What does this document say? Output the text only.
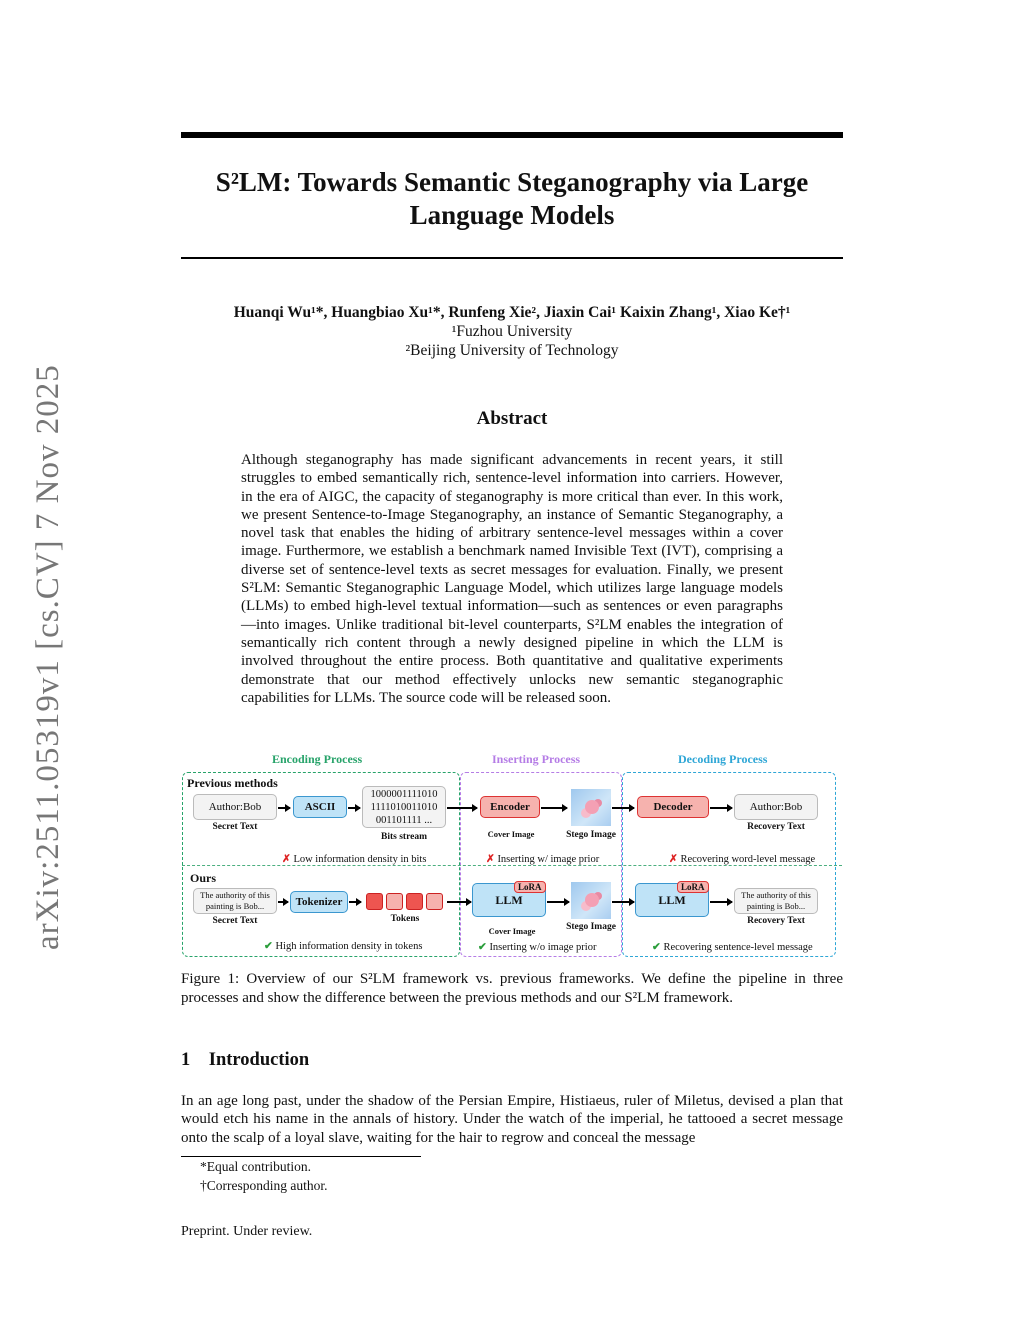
arXiv:2511.05319v1 [cs.CV] 7 Nov 2025
S²LM: Towards Semantic Steganography via Large
Language Models
Huanqi Wu¹*, Huangbiao Xu¹*, Runfeng Xie², Jiaxin Cai¹ Kaixin Zhang¹, Xiao Ke†¹
¹Fuzhou University
²Beijing University of Technology
Abstract
Although steganography has made significant advancements in recent years, it still struggles to embed semantically rich, sentence-level information into carriers. However, in the era of AIGC, the capacity of steganography is more critical than ever. In this work, we present Sentence-to-Image Steganography, an instance of Semantic Steganography, a novel task that enables the hiding of arbitrary sentence-level messages within a cover image. Furthermore, we establish a benchmark named Invisible Text (IVT), comprising a diverse set of sentence-level texts as secret messages for evaluation. Finally, we present S²LM: Semantic Steganographic Language Model, which utilizes large language models (LLMs) to embed high-level textual information—such as sentences or even paragraphs—into images. Unlike traditional bit-level counterparts, S²LM enables the integration of semantically rich content through a newly designed pipeline in which the LLM is involved throughout the entire process. Both quantitative and qualitative experiments demonstrate that our method effectively unlocks new semantic steganographic capabilities for LLMs. The source code will be released soon.
Encoding Process	Inserting Process	Decoding Process
Previous methods
Author:Bob
Secret Text
ASCII
1000001111010 1111010011010 001101111 ...
Bits stream
Encoder
Cover Image	Stego Image
Decoder	Author:Bob
Recovery Text
✗ Low information density in bits	✗ Inserting w/ image prior	✗ Recovering word-level message
Ours
The authority of this painting is Bob...
Secret Text
Tokenizer
Tokens
LLM
LoRA
Cover Image	Stego Image
LLM
LoRA
The authority of this painting is Bob...
Recovery Text
✔ High information density in tokens	✔ Inserting w/o image prior	✔ Recovering sentence-level message
Figure 1: Overview of our S²LM framework vs. previous frameworks. We define the pipeline in three processes and show the difference between the previous methods and our S²LM framework.
1 Introduction
In an age long past, under the shadow of the Persian Empire, Histiaeus, ruler of Miletus, devised a plan that would etch his name in the annals of history. Under the watch of the imperial, he tattooed a secret message onto the scalp of a loyal slave, waiting for the hair to regrow and conceal the message
*Equal contribution.
†Corresponding author.
Preprint. Under review.
